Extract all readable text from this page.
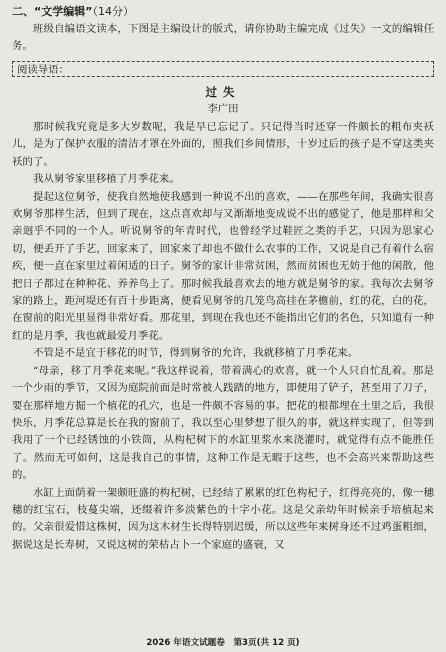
二、“文学编辑”（14分）

班级自编语文读本，下图是主编设计的版式，请你协助主编完成《过失》一文的编辑任务。

阅读导语：
过失
李广田

那时候我究竟是多大岁数呢，我是早已忘记了。只记得当时还穿一件颇长的粗布夹袄儿，是为了保护衣服的清洁才罩在外面的，照我们乡间情形，十岁过后的孩子是不穿这类夹袄的了。

我从舅爷家里移植了月季花来。

提起这位舅爷，使我自然地使我感到一种说不出的喜欢，——在那些年间，我确实很喜欢舅爷那样生活，但到了现在，这点喜欢却与又渐渐地变成说不出的感觉了，他是那样和父亲迥乎不同的一个人。听说舅爷的年青时代，也曾经学过鞋匠之类的手艺，只因为思家心切，便丢开了手艺，回家来了，回家来了却也不做什么农事的工作，又说是自己有着什么宿疾，便一直在家里过着闲适的日子。舅爷的家计非常贫困，然而贫困也无妨于他的闲散，他把日子都过在种种花、养养鸟上了。那时候我最喜欢去的地方就是舅爷的家。我每次去舅爷家的路上，距河堤还有百十步距离，便看见舅爷的几笼鸟高挂在茅檐前，红的花，白的花，在窗前的阳光里显得非常好看。那花里，到现在我也还不能指出它们的名色，只知道有一种红的是月季，我也就最爱月季花。

不管是不是宜于移花的时节，得到舅爷的允许，我就移植了月季花来。

“母亲，移了月季花来呢。”我这样说着，带着满心的欢喜，就一个人只自忙乱着。那是一个少雨的季节，又因为庭院前面是时常被人践踏的地方，即便用了铲子，甚至用了刀子，要在那样地方掘一个植花的孔穴，也是一件颇不容易的事。把花的根都埋在土里之后，我很快乐，月季花总算是长在我的窗前了，我以至心里梦想了很久的事，就这样实现了，但等到我用了一个已经锈蚀的小铁筒，从构杞树下的水缸里浆水来浇灌时，就觉得有点不能胜任了。然而无可如何，这是我自己的事情，这种工作是无暇于这些，也不会高兴来帮助这些的。

水缸上面荫着一架颇旺盛的构杞树，已经结了累累的红色构杞子，红得亮亮的，像一穗穗的红宝石，枝蔓尖端，还缀着许多淡紫色的十字小花。这是父亲幼年时候亲手培植起来的。父亲很爱惜这株树，因为这木材生长得特别迟缓，所以这些年来树身还不过鸡蛋粗细，据说这是长寿树，又说这树的荣枯占卜一个家庭的盛衰，又

2026 年语文试题卷　第3页(共 12 页)
